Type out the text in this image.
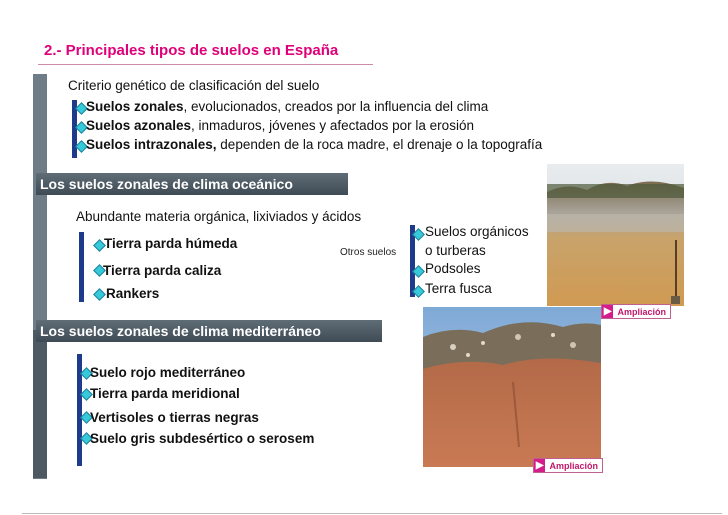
2.- Principales tipos de suelos en España
Criterio genético de clasificación del suelo
Suelos zonales, evolucionados, creados por la influencia del clima
Suelos azonales, inmaduros, jóvenes y afectados por la erosión
Suelos intrazonales, dependen de la roca madre, el drenaje o la topografía
Los suelos zonales de clima oceánico
Abundante materia orgánica, lixiviados y ácidos
Tierra parda húmeda
Tierra parda caliza
Rankers
Otros suelos
Suelos orgánicos
o turberas
Podsoles
Terra fusca
▶ Ampliación
Los suelos zonales de clima mediterráneo
Suelo rojo mediterráneo
Tierra parda meridional
Vertisoles o tierras negras
Suelo gris subdesértico o serosem
▶ Ampliación
